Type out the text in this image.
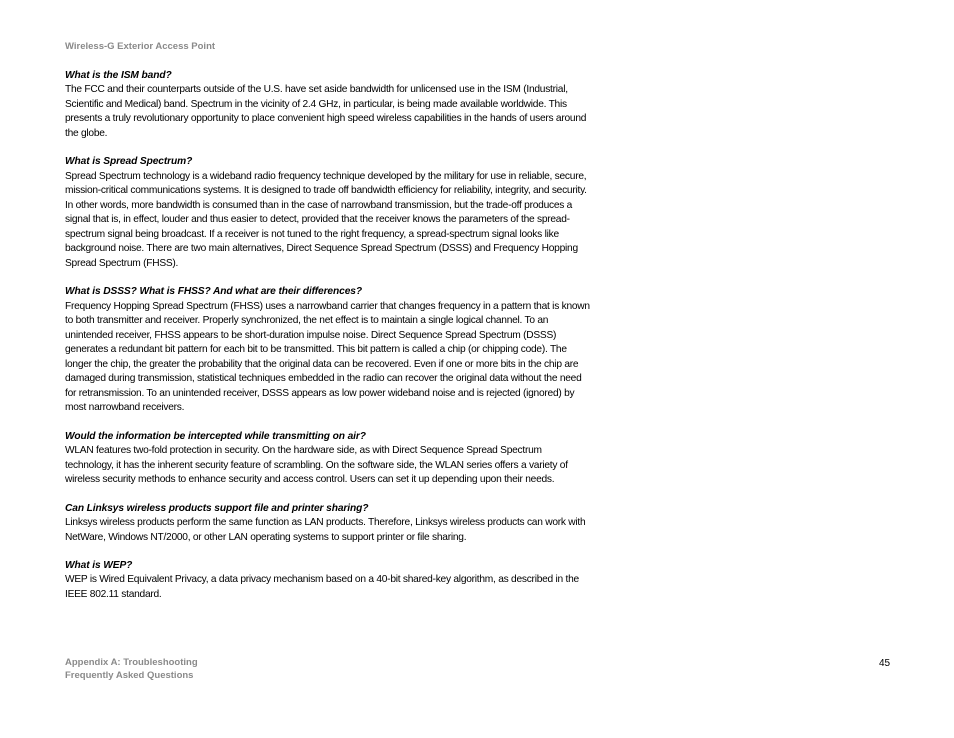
Wireless-G Exterior Access Point

What is the ISM band?

The FCC and their counterparts outside of the U.S. have set aside bandwidth for unlicensed use in the ISM (Industrial, Scientific and Medical) band. Spectrum in the vicinity of 2.4 GHz, in particular, is being made available worldwide. This presents a truly revolutionary opportunity to place convenient high speed wireless capabilities in the hands of users around the globe.

What is Spread Spectrum?

Spread Spectrum technology is a wideband radio frequency technique developed by the military for use in reliable, secure, mission-critical communications systems. It is designed to trade off bandwidth efficiency for reliability, integrity, and security. In other words, more bandwidth is consumed than in the case of narrowband transmission, but the trade-off produces a signal that is, in effect, louder and thus easier to detect, provided that the receiver knows the parameters of the spread-spectrum signal being broadcast. If a receiver is not tuned to the right frequency, a spread-spectrum signal looks like background noise. There are two main alternatives, Direct Sequence Spread Spectrum (DSSS) and Frequency Hopping Spread Spectrum (FHSS).

What is DSSS? What is FHSS? And what are their differences?

Frequency Hopping Spread Spectrum (FHSS) uses a narrowband carrier that changes frequency in a pattern that is known to both transmitter and receiver. Properly synchronized, the net effect is to maintain a single logical channel. To an unintended receiver, FHSS appears to be short-duration impulse noise. Direct Sequence Spread Spectrum (DSSS) generates a redundant bit pattern for each bit to be transmitted. This bit pattern is called a chip (or chipping code). The longer the chip, the greater the probability that the original data can be recovered. Even if one or more bits in the chip are damaged during transmission, statistical techniques embedded in the radio can recover the original data without the need for retransmission. To an unintended receiver, DSSS appears as low power wideband noise and is rejected (ignored) by most narrowband receivers.

Would the information be intercepted while transmitting on air?

WLAN features two-fold protection in security. On the hardware side, as with Direct Sequence Spread Spectrum technology, it has the inherent security feature of scrambling. On the software side, the WLAN series offers a variety of wireless security methods to enhance security and access control. Users can set it up depending upon their needs.

Can Linksys wireless products support file and printer sharing?

Linksys wireless products perform the same function as LAN products. Therefore, Linksys wireless products can work with NetWare, Windows NT/2000, or other LAN operating systems to support printer or file sharing.

What is WEP?

WEP is Wired Equivalent Privacy, a data privacy mechanism based on a 40-bit shared-key algorithm, as described in the IEEE 802.11 standard.

Appendix A: Troubleshooting
Frequently Asked Questions
45
